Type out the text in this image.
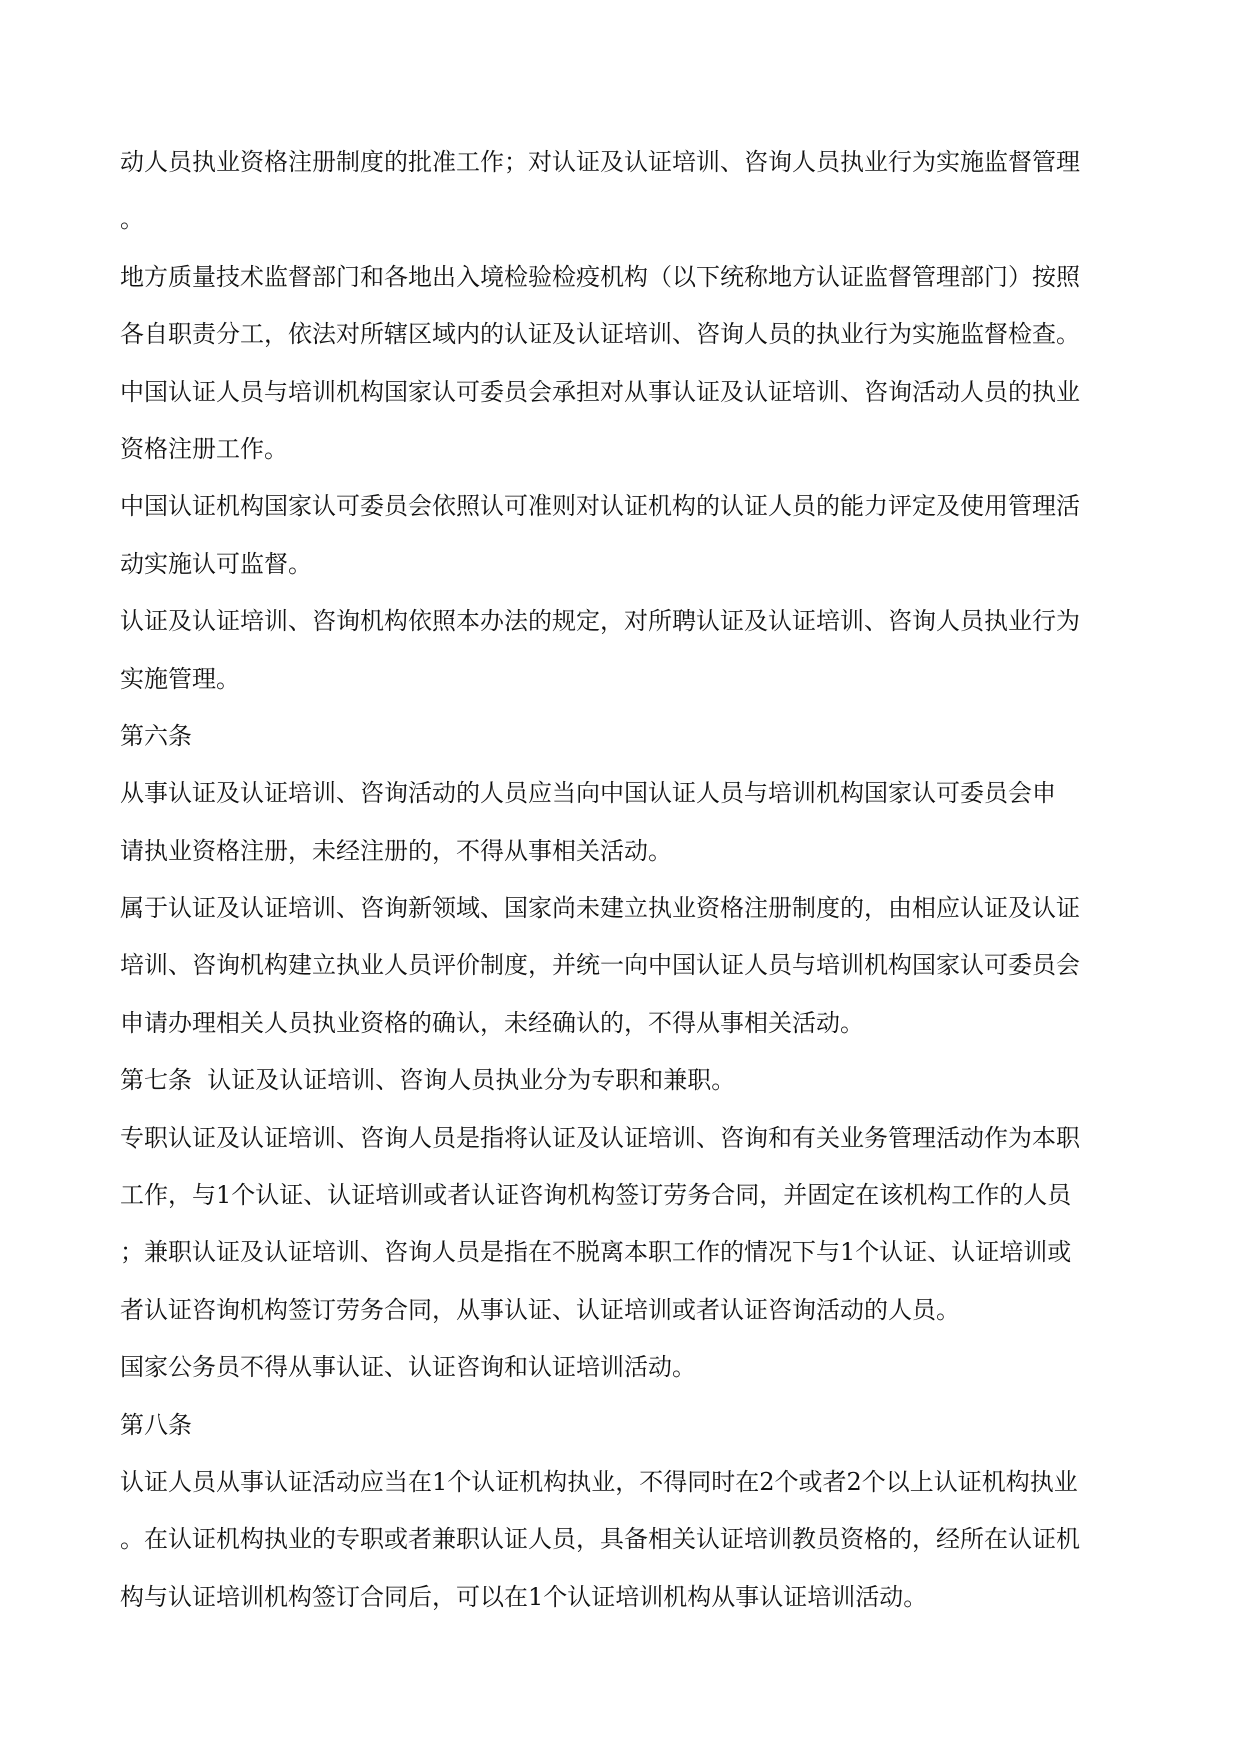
动人员执业资格注册制度的批准工作；对认证及认证培训、咨询人员执业行为实施监督管理

。

地方质量技术监督部门和各地出入境检验检疫机构（以下统称地方认证监督管理部门）按照

各自职责分工，依法对所辖区域内的认证及认证培训、咨询人员的执业行为实施监督检查。

中国认证人员与培训机构国家认可委员会承担对从事认证及认证培训、咨询活动人员的执业

资格注册工作。

中国认证机构国家认可委员会依照认可准则对认证机构的认证人员的能力评定及使用管理活

动实施认可监督。

认证及认证培训、咨询机构依照本办法的规定，对所聘认证及认证培训、咨询人员执业行为

实施管理。

第六条

从事认证及认证培训、咨询活动的人员应当向中国认证人员与培训机构国家认可委员会申

请执业资格注册，未经注册的，不得从事相关活动。

属于认证及认证培训、咨询新领域、国家尚未建立执业资格注册制度的，由相应认证及认证

培训、咨询机构建立执业人员评价制度，并统一向中国认证人员与培训机构国家认可委员会

申请办理相关人员执业资格的确认，未经确认的，不得从事相关活动。

第七条  认证及认证培训、咨询人员执业分为专职和兼职。

专职认证及认证培训、咨询人员是指将认证及认证培训、咨询和有关业务管理活动作为本职

工作，与1个认证、认证培训或者认证咨询机构签订劳务合同，并固定在该机构工作的人员

；兼职认证及认证培训、咨询人员是指在不脱离本职工作的情况下与1个认证、认证培训或

者认证咨询机构签订劳务合同，从事认证、认证培训或者认证咨询活动的人员。

国家公务员不得从事认证、认证咨询和认证培训活动。

第八条

认证人员从事认证活动应当在1个认证机构执业，不得同时在2个或者2个以上认证机构执业

。在认证机构执业的专职或者兼职认证人员，具备相关认证培训教员资格的，经所在认证机

构与认证培训机构签订合同后，可以在1个认证培训机构从事认证培训活动。
